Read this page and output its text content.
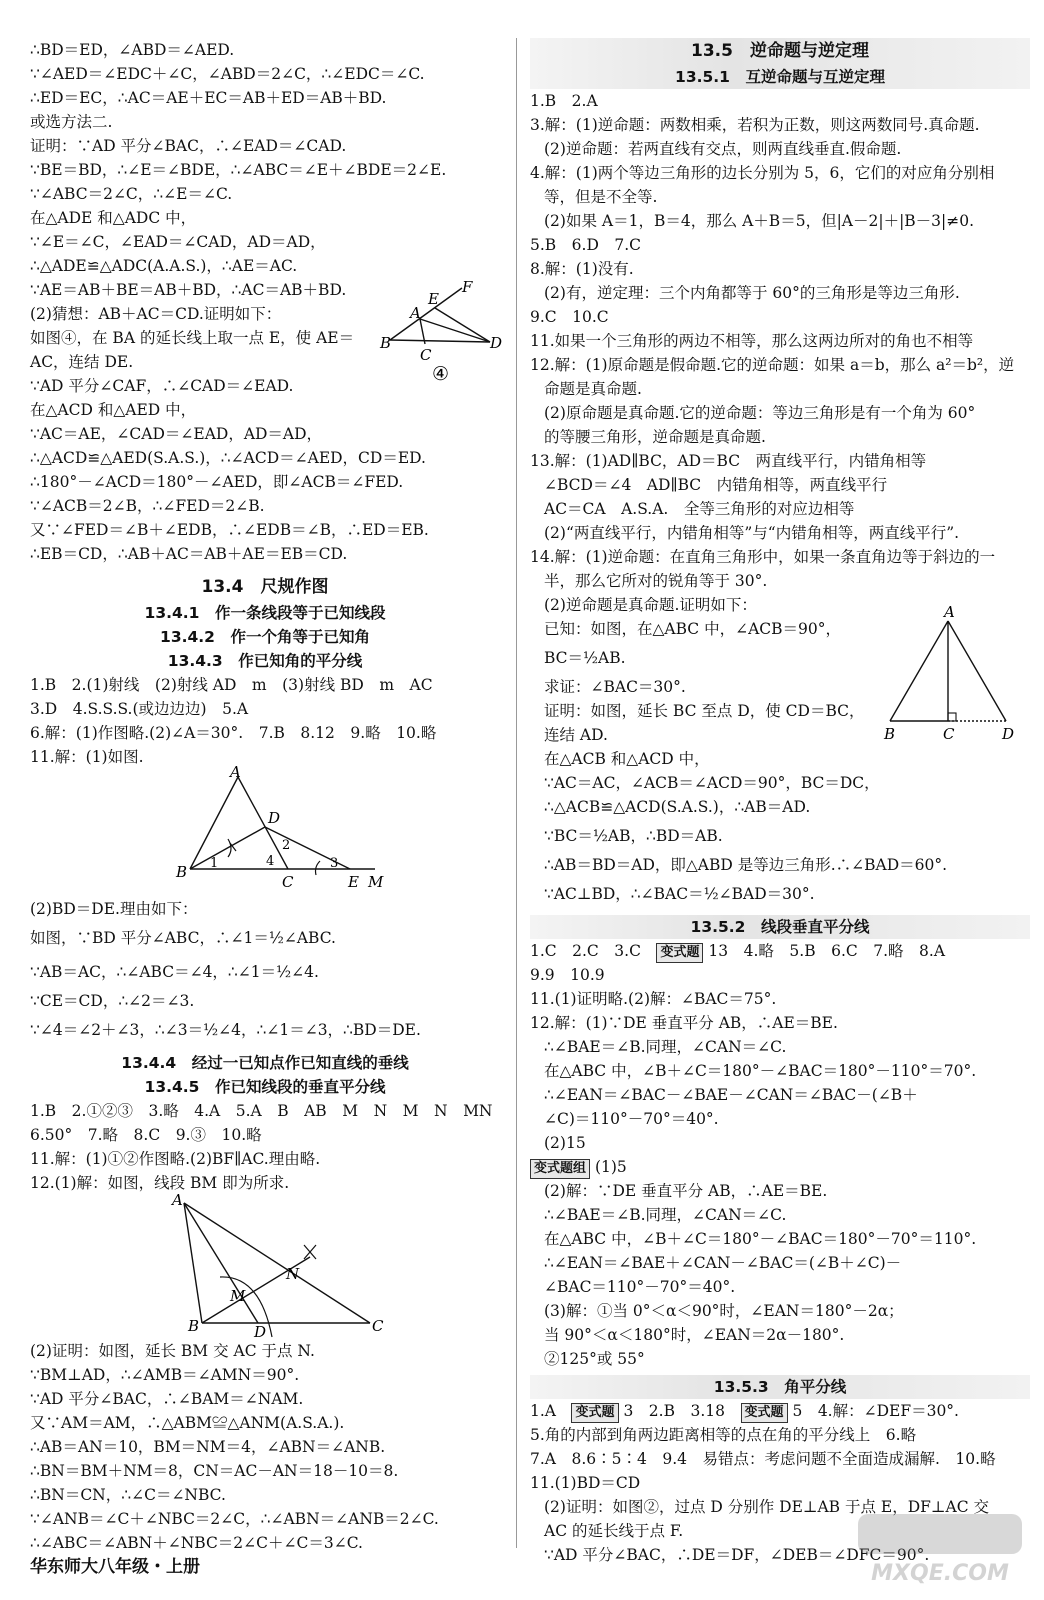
∴BD＝ED，∠ABD＝∠AED.
∵∠AED＝∠EDC＋∠C，∠ABD＝2∠C，∴∠EDC＝∠C.
∴ED＝EC，∴AC＝AE＋EC＝AB＋ED＝AB＋BD.
或选方法二.
证明：∵AD 平分∠BAC，∴∠EAD＝∠CAD.
∵BE＝BD，∴∠E＝∠BDE，∴∠ABC＝∠E＋∠BDE＝2∠E.
∵∠ABC＝2∠C，∴∠E＝∠C.
在△ADE 和△ADC 中，
∵∠E＝∠C，∠EAD＝∠CAD，AD＝AD，
∴△ADE≌△ADC(A.A.S.)，∴AE＝AC.
∵AE＝AB＋BE＝AB＋BD，∴AC＝AB＋BD.
(2)猜想：AB＋AC＝CD.证明如下：
如图④，在 BA 的延长线上取一点 E，使 AE＝
AC，连结 DE.
∵AD 平分∠CAF，∴∠CAD＝∠EAD.
在△ACD 和△AED 中，
∵AC＝AE，∠CAD＝∠EAD，AD＝AD，
∴△ACD≌△AED(S.A.S.)，∴∠ACD＝∠AED，CD＝ED.
∴180°－∠ACD＝180°－∠AED，即∠ACB＝∠FED.
∵∠ACB＝2∠B，∴∠FED＝2∠B.
又∵∠FED＝∠B＋∠EDB，∴∠EDB＝∠B，∴ED＝EB.
∴EB＝CD，∴AB＋AC＝AB＋AE＝EB＝CD.
A
E
F
B
C
D
④
13.4　尺规作图
13.4.1　作一条线段等于已知线段
13.4.2　作一个角等于已知角
13.4.3　作已知角的平分线
1.B　2.(1)射线　(2)射线 AD　m　(3)射线 BD　m　AC
3.D　4.S.S.S.(或边边边)　5.A
6.解：(1)作图略.(2)∠A＝30°.　7.B　8.12　9.略　10.略
11.解：(1)如图.
A
B
C
D
E M
1
2
3
4
(2)BD＝DE.理由如下：
如图，∵BD 平分∠ABC，∴∠1＝½∠ABC.
∵AB＝AC，∴∠ABC＝∠4，∴∠1＝½∠4.
∵CE＝CD，∴∠2＝∠3.
∵∠4＝∠2＋∠3，∴∠3＝½∠4，∴∠1＝∠3，∴BD＝DE.
13.4.4　经过一已知点作已知直线的垂线
13.4.5　作已知线段的垂直平分线
1.B　2.①②③　3.略　4.A　5.A　B　AB　M　N　M　N　MN
6.50°　7.略　8.C　9.③　10.略
11.解：(1)①②作图略.(2)BF∥AC.理由略.
12.(1)解：如图，线段 BM 即为所求.
A
B	C
D
M
N
(2)证明：如图，延长 BM 交 AC 于点 N.
∵BM⊥AD，∴∠AMB＝∠AMN＝90°.
∵AD 平分∠BAC，∴∠BAM＝∠NAM.
又∵AM＝AM，∴△ABM≌△ANM(A.S.A.).
∴AB＝AN＝10，BM＝NM＝4，∠ABN＝∠ANB.
∴BN＝BM＋NM＝8，CN＝AC－AN＝18－10＝8.
∴BN＝CN，∴∠C＝∠NBC.
∵∠ANB＝∠C＋∠NBC＝2∠C，∴∠ABN＝∠ANB＝2∠C.
∴∠ABC＝∠ABN＋∠NBC＝2∠C＋∠C＝3∠C.
13.5　逆命题与逆定理
13.5.1　互逆命题与互逆定理
1.B　2.A
3.解：(1)逆命题：两数相乘，若积为正数，则这两数同号.真命题.
(2)逆命题：若两直线有交点，则两直线垂直.假命题.
4.解：(1)两个等边三角形的边长分别为 5，6，它们的对应角分别相
等，但是不全等.
(2)如果 A＝1，B＝4，那么 A＋B＝5，但|A－2|＋|B－3|≠0.
5.B　6.D　7.C
8.解：(1)没有.
(2)有，逆定理：三个内角都等于 60°的三角形是等边三角形.
9.C　10.C
11.如果一个三角形的两边不相等，那么这两边所对的角也不相等
12.解：(1)原命题是假命题.它的逆命题：如果 a＝b，那么 a²＝b²，逆
命题是真命题.
(2)原命题是真命题.它的逆命题：等边三角形是有一个角为 60°
的等腰三角形，逆命题是真命题.
13.解：(1)AD∥BC，AD＝BC　两直线平行，内错角相等
∠BCD＝∠4　AD∥BC　内错角相等，两直线平行
AC＝CA　A.S.A.　全等三角形的对应边相等
(2)“两直线平行，内错角相等”与“内错角相等，两直线平行”.
14.解：(1)逆命题：在直角三角形中，如果一条直角边等于斜边的一
半，那么它所对的锐角等于 30°.
(2)逆命题是真命题.证明如下：
已知：如图，在△ABC 中，∠ACB＝90°，
BC＝½AB.
求证：∠BAC＝30°.
证明：如图，延长 BC 至点 D，使 CD＝BC，
连结 AD.
在△ACB 和△ACD 中，
∵AC＝AC，∠ACB＝∠ACD＝90°，BC＝DC，
∴△ACB≌△ACD(S.A.S.)，∴AB＝AD.
∵BC＝½AB，∴BD＝AB.
∴AB＝BD＝AD，即△ABD 是等边三角形.∴∠BAD＝60°.
∵AC⊥BD，∴∠BAC＝½∠BAD＝30°.
A
B	C	D
13.5.2　线段垂直平分线
1.C　2.C　3.C　变式题 13　4.略　5.B　6.C　7.略　8.A
9.9　10.9
11.(1)证明略.(2)解：∠BAC＝75°.
12.解：(1)∵DE 垂直平分 AB，∴AE＝BE.
∴∠BAE＝∠B.同理，∠CAN＝∠C.
在△ABC 中，∠B＋∠C＝180°－∠BAC＝180°－110°＝70°.
∴∠EAN＝∠BAC－∠BAE－∠CAN＝∠BAC－(∠B＋
∠C)＝110°－70°＝40°.
(2)15
变式题组 (1)5
(2)解：∵DE 垂直平分 AB，∴AE＝BE.
∴∠BAE＝∠B.同理，∠CAN＝∠C.
在△ABC 中，∠B＋∠C＝180°－∠BAC＝180°－70°＝110°.
∴∠EAN＝∠BAE＋∠CAN－∠BAC＝(∠B＋∠C)－
∠BAC＝110°－70°＝40°.
(3)解：①当 0°＜α＜90°时，∠EAN＝180°－2α；
当 90°＜α＜180°时，∠EAN＝2α－180°.
②125°或 55°
13.5.3　角平分线
1.A　变式题 3　2.B　3.18　变式题 5　4.解：∠DEF＝30°.
5.角的内部到角两边距离相等的点在角的平分线上　6.略
7.A　8.6∶5∶4　9.4　易错点：考虑问题不全面造成漏解.　10.略
11.(1)BD＝CD
(2)证明：如图②，过点 D 分别作 DE⊥AB 于点 E，DF⊥AC 交
AC 的延长线于点 F.
∵AD 平分∠BAC，∴DE＝DF，∠DEB＝∠DFC＝90°.
华东师大八年级・上册	MXQE.COM
